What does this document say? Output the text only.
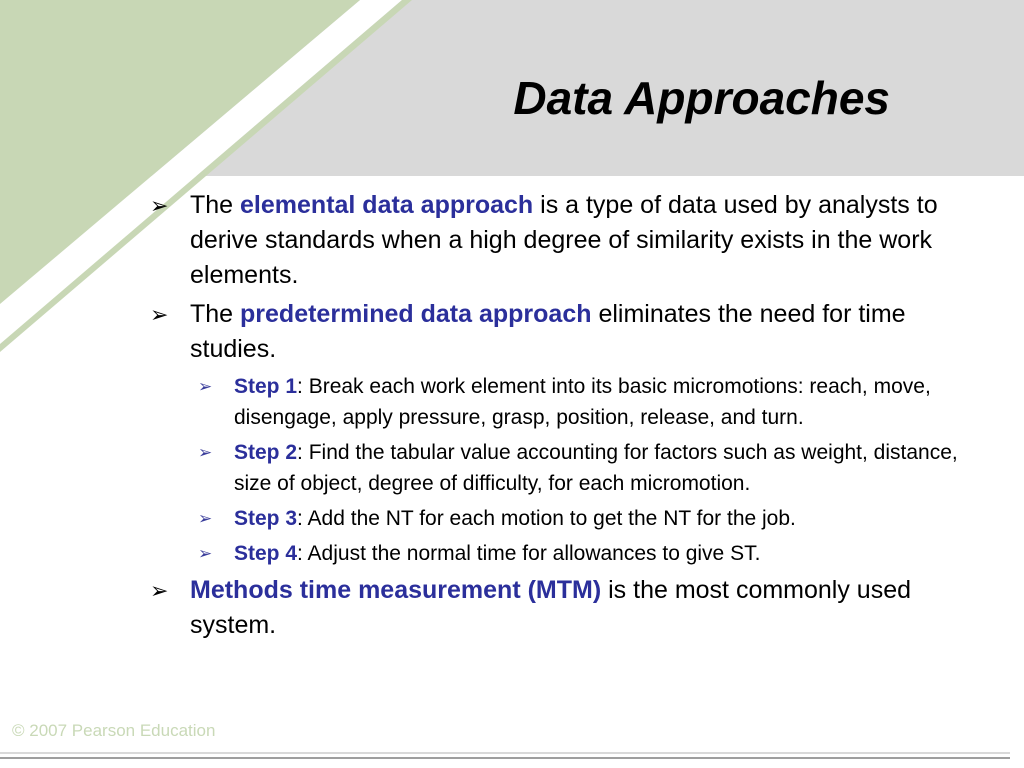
Data Approaches
➢ The elemental data approach is a type of data used by analysts to derive standards when a high degree of similarity exists in the work elements.
➢ The predetermined data approach eliminates the need for time studies.
➢ Step 1: Break each work element into its basic micromotions: reach, move, disengage, apply pressure, grasp, position, release, and turn.
➢ Step 2: Find the tabular value accounting for factors such as weight, distance, size of object, degree of difficulty, for each micromotion.
➢ Step 3: Add the NT for each motion to get the NT for the job.
➢ Step 4: Adjust the normal time for allowances to give ST.
➢ Methods time measurement (MTM) is the most commonly used system.
© 2007 Pearson Education
